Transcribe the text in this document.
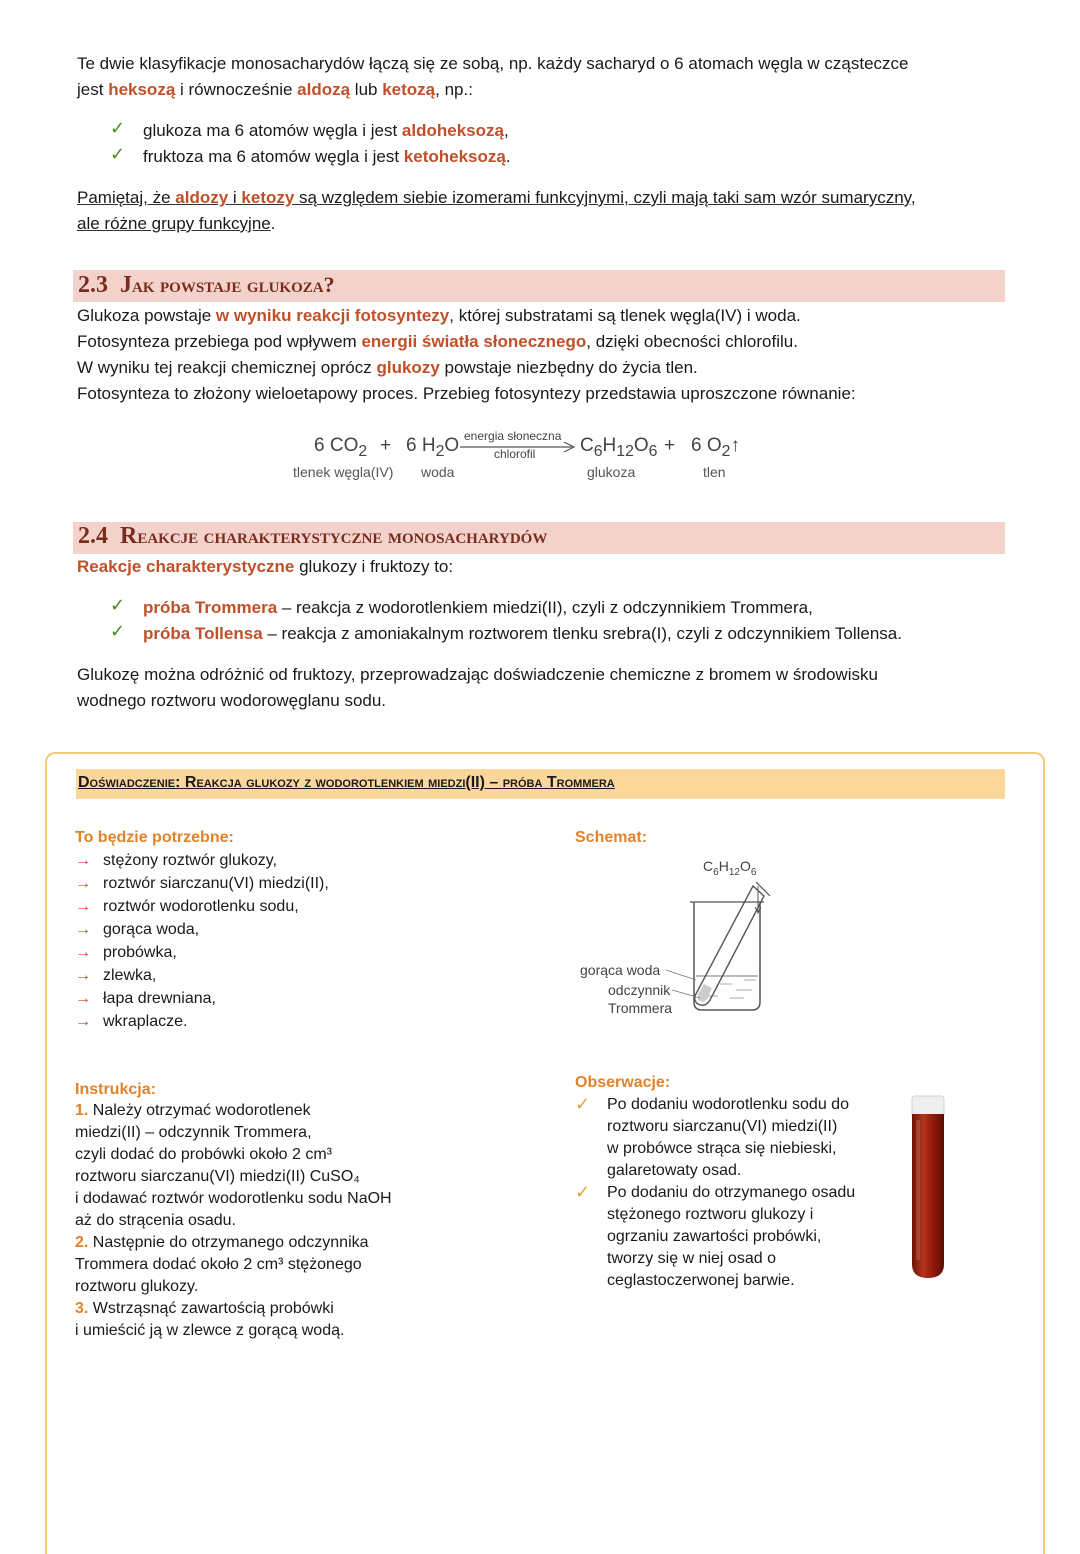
Te dwie klasyfikacje monosacharydów łączą się ze sobą, np. każdy sacharyd o 6 atomach węgla w cząsteczce
jest heksozą i równocześnie aldozą lub ketozą, np.:
✓ glukoza ma 6 atomów węgla i jest aldoheksozą,
✓ fruktoza ma 6 atomów węgla i jest ketoheksozą.
Pamiętaj, że aldozy i ketozy są względem siebie izomerami funkcyjnymi, czyli mają taki sam wzór sumaryczny,
ale różne grupy funkcyjne.
2.3 Jak powstaje glukoza?
Glukoza powstaje w wyniku reakcji fotosyntezy, której substratami są tlenek węgla(IV) i woda.
Fotosynteza przebiega pod wpływem energii światła słonecznego, dzięki obecności chlorofilu.
W wyniku tej reakcji chemicznej oprócz glukozy powstaje niezbędny do życia tlen.
Fotosynteza to złożony wieloetapowy proces. Przebieg fotosyntezy przedstawia uproszczone równanie:
6 $CO_2 + 6$ $H_2O$ energia słoneczna
chlorofil $C_6H_{12}O_6 + 6$ $O_2↑$
tlenek węgla(IV) woda	glukoza	tlen
2.4 Reakcje charakterystyczne monosacharydów
Reakcje charakterystyczne glukozy i fruktozy to:
✓ próba Trommera – reakcja z wodorotlenkiem miedzi(II), czyli z odczynnikiem Trommera,
✓ próba Tollensa – reakcja z amoniakalnym roztworem tlenku srebra(I), czyli z odczynnikiem Tollensa.
Glukozę można odróżnić od fruktozy, przeprowadzając doświadczenie chemiczne z bromem w środowisku
wodnego roztworu wodorowęglanu sodu.
Doświadczenie: Reakcja glukozy z wodorotlenkiem miedzi(II) – próba Trommera
To będzie potrzebne:
→ stężony roztwór glukozy,
→ roztwór siarczanu(VI) miedzi(II),
→ roztwór wodorotlenku sodu,
→ gorąca woda,
→ probówka,
→ zlewka,
→ łapa drewniana,
→ wkraplacze.
Schemat:
$C_6H_{12}O_6$
gorąca woda
odczynnik
Trommera
Instrukcja:
1. Należy otrzymać wodorotlenek
miedzi(II) – odczynnik Trommera,
czyli dodać do probówki około 2 cm³
roztworu siarczanu(VI) miedzi(II) CuSO₄
i dodawać roztwór wodorotlenku sodu NaOH
aż do strącenia osadu.
2. Następnie do otrzymanego odczynnika
Trommera dodać około 2 cm³ stężonego
roztworu glukozy.
3. Wstrząsnąć zawartością probówki
i umieścić ją w zlewce z gorącą wodą.
Obserwacje:
✓ Po dodaniu wodorotlenku sodu do
roztworu siarczanu(VI) miedzi(II)
w probówce strąca się niebieski,
galaretowaty osad.
✓ Po dodaniu do otrzymanego osadu
stężonego roztworu glukozy i
ogrzaniu zawartości probówki,
tworzy się w niej osad o
ceglastoczerwonej barwie.
